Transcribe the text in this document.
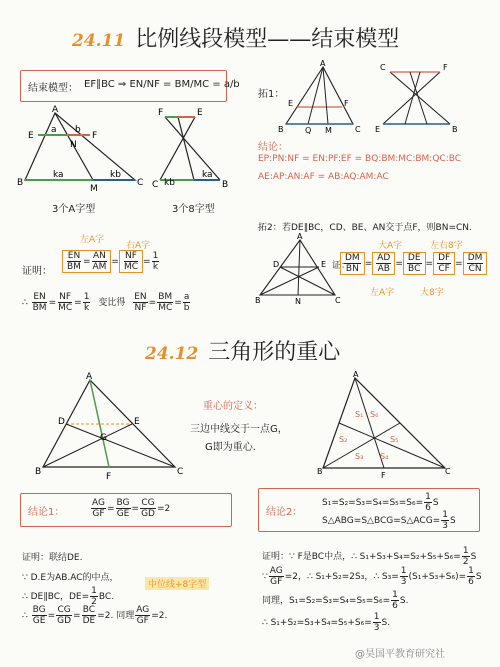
24.11 比例线段模型——结束模型
结束模型： EF∥BC ⇒ EN/NF = BM/MC = a/b
A
E	F
N
B	C
M
a b
ka	kb
3个A字型
F	E
kb
ka
C	B
3个8字型
拓1：
A
E	F
B	C
Q M
C	F
E	B
结论：
EP:PN:NF = EN:PF:EF = BQ:BM:MC:BM:QC:BC
AE:AP:AN:AF = AB:AQ:AM:AC
左A字
右A字
证明： $\frac{EN}{BM} = \frac{AN}{AM} = \frac{NF}{MC} = \frac{1}{k}$
∴ $\frac{EN}{BM} = \frac{NF}{MC} = \frac{1}{k}$ 变比得 $\frac{EN}{NF} = \frac{BM}{MC} = \frac{a}{b}$
拓2： 若DE∥BC，CD、BE、AN交于点F，则BN=CN.
A
D	E
B	N	C
大A字	左右8字
证：
$\frac{DM}{BN} = \frac{AD}{AB} = \frac{DE}{BC} = \frac{DF}{CF} = \frac{DM}{CN}$
左A字	大8字
24.12 三角形的重心
A
D	E
G
B	C
F
重心的定义：
三边中线交于一点G，
G即为重心.
A
B	C
F
S₁ S₆
S₂	S₅
S₃ S₄
结论1：	$\frac{AG}{GF} = \frac{BG}{GE} = \frac{CG}{GD} =2$	结论2：
$S_1=S_2=S_3=S_4=S_5=S_6= \frac{1}{6}$ S
S△ABG=S△BCG=S△ACG= $\frac{1}{3}$ S
证明：联结DE.
∵ D.E为AB.AC的中点，
中位线+8字型
∴ DE∥BC，$DE= \frac{1}{2}$ BC.
∴ $\frac{BG}{GE} = \frac{CG}{GD} = \frac{BC}{DE} =2$. 同理 $\frac{AG}{GF} =2$.
证明：∵ F是BC中点，∴ $S_1+S_3+S_4=S_2+S_5+S_6= \frac{1}{2}$ S
∵ $\frac{AG}{GF} =2$，∴ S₁+S₂=2S₃，∴ $S_3= \frac{1}{3} (S_1+S_3+S_6)= \frac{1}{6}$ S
同理，$S_1=S_2=S_3=S_4=S_5=S_6= \frac{1}{6} S$.
∴ $S_1+S_2=S_3+S_4=S_5+S_6= \frac{1}{3} S$.
@昊国平教育研究社
